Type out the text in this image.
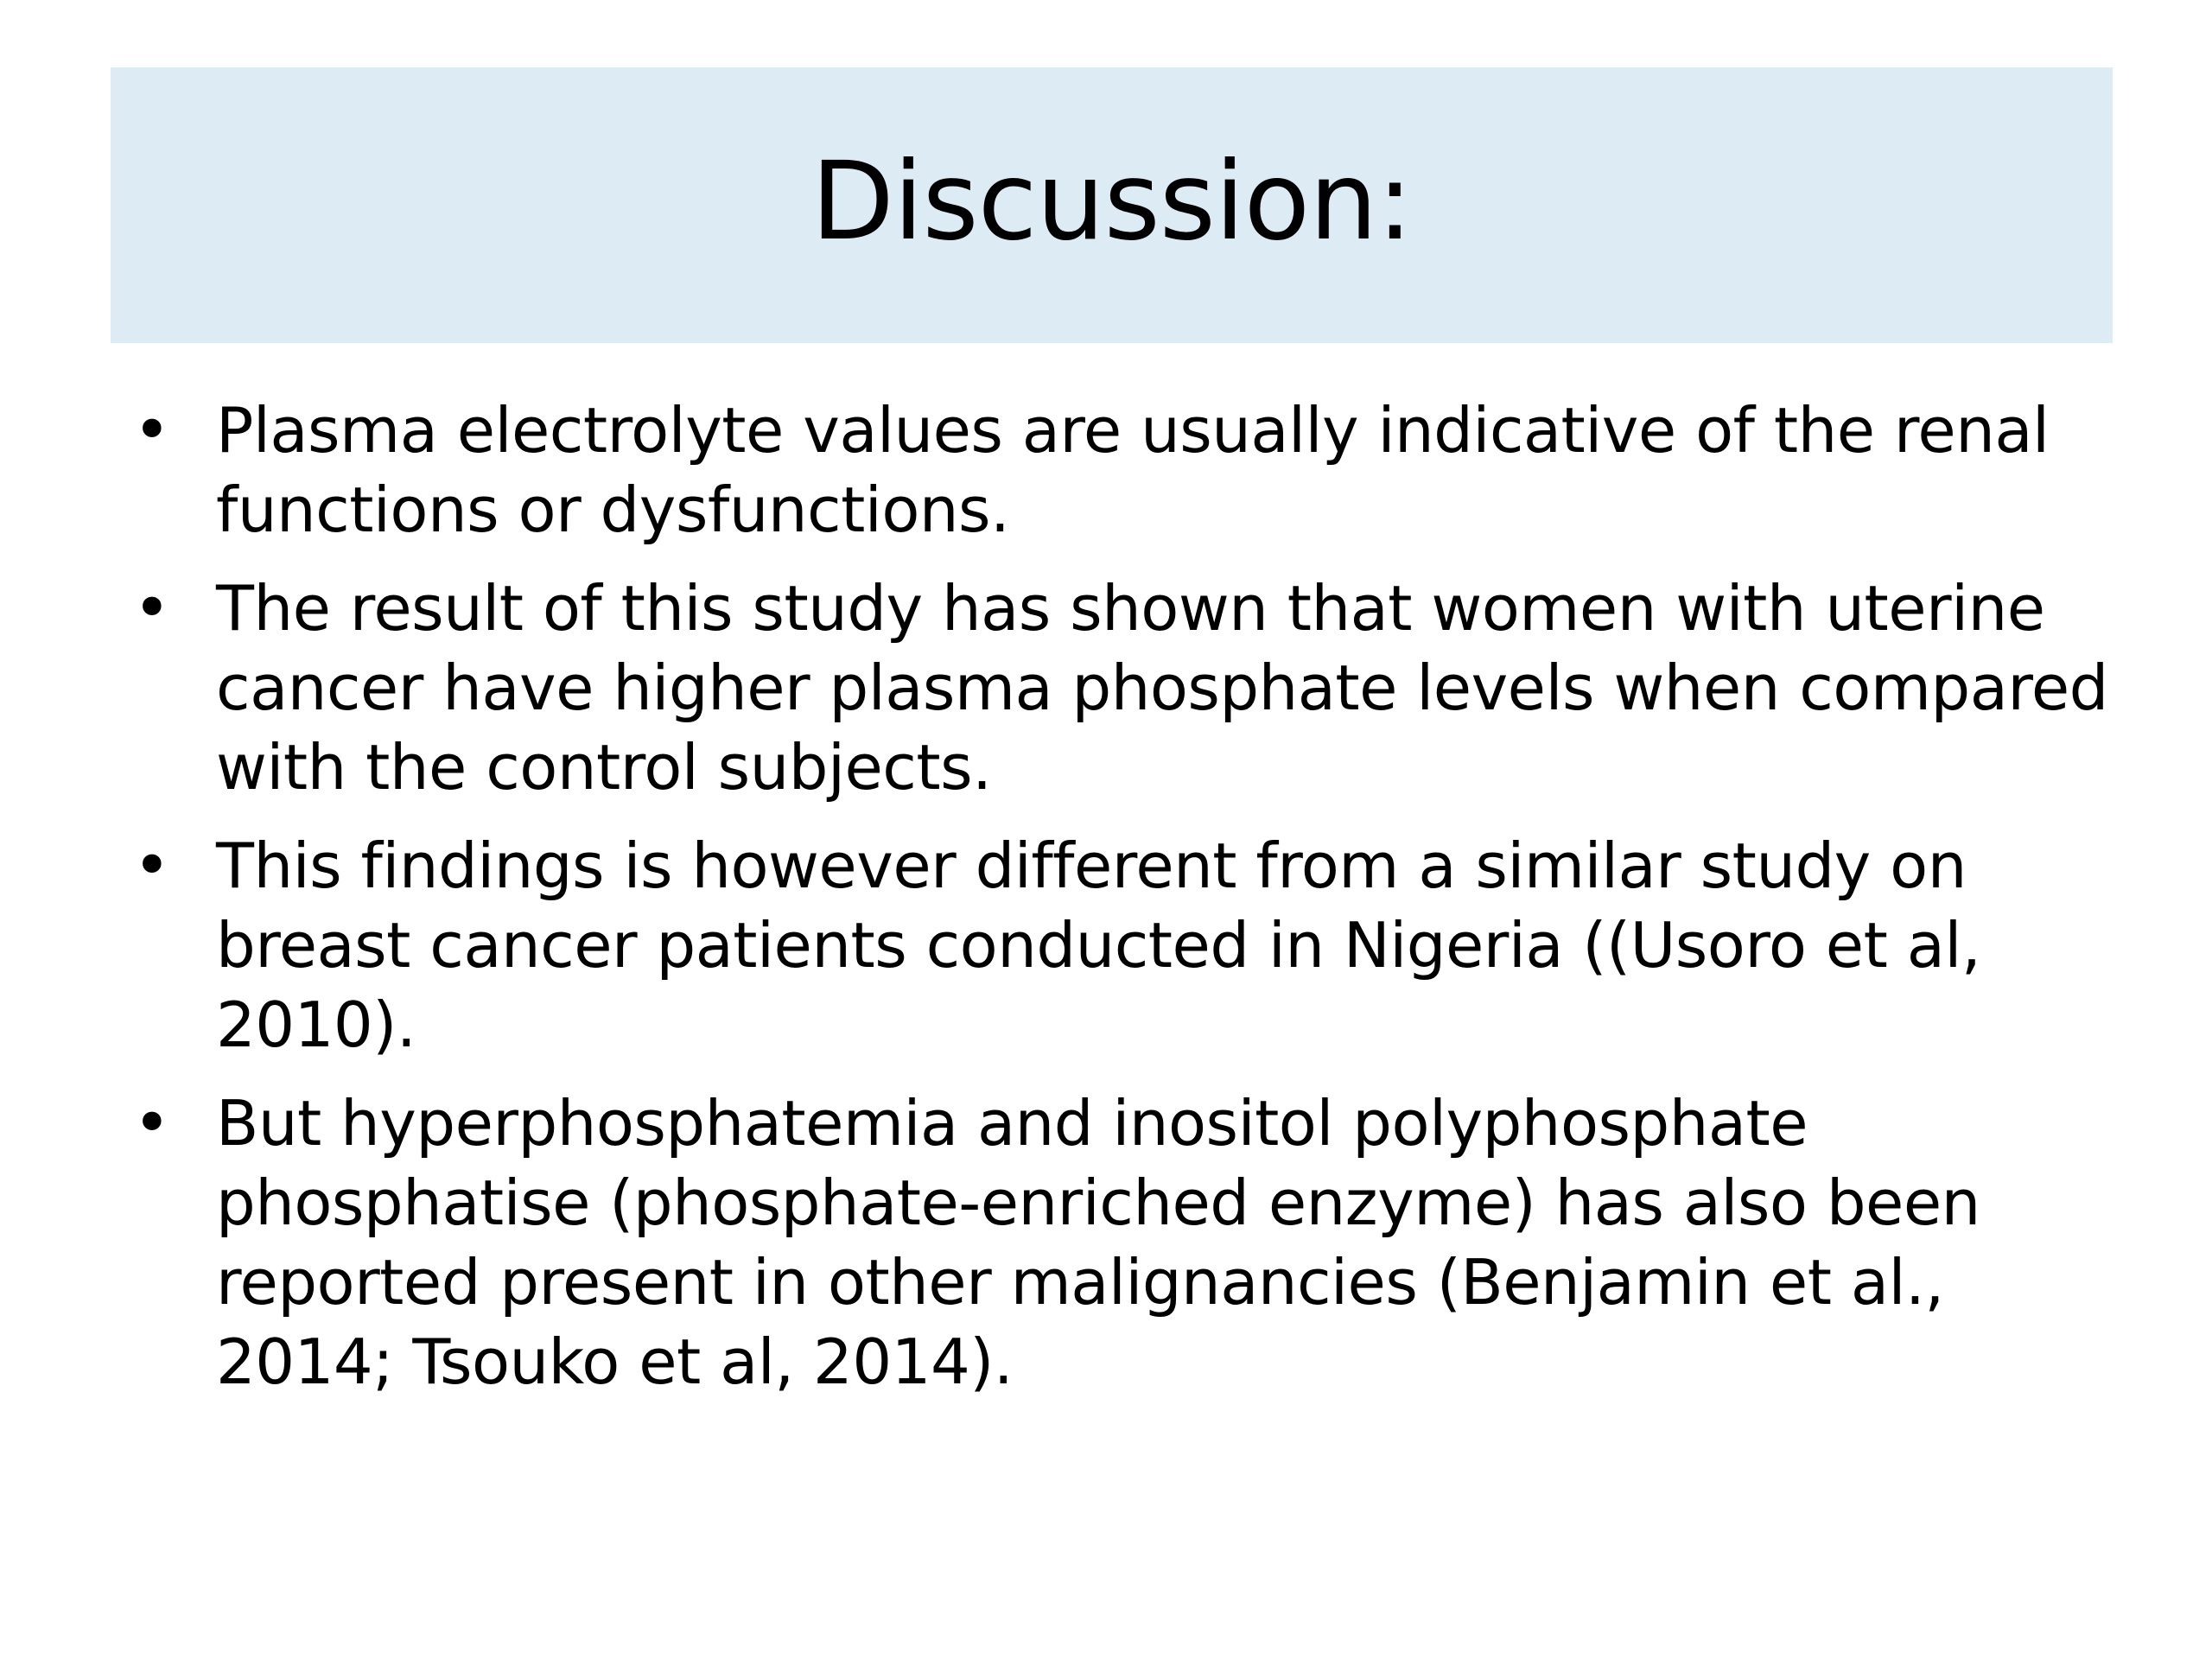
Discussion:
• Plasma electrolyte values are usually indicative of the renal functions or dysfunctions.
• The result of this study has shown that women with uterine cancer have higher plasma phosphate levels when compared with the control subjects.
• This findings is however different from a similar study on breast cancer patients conducted in Nigeria ((Usoro et al, 2010).
• But hyperphosphatemia and inositol polyphosphate phosphatise (phosphate-enriched enzyme) has also been reported present in other malignancies (Benjamin et al., 2014; Tsouko et al, 2014).
